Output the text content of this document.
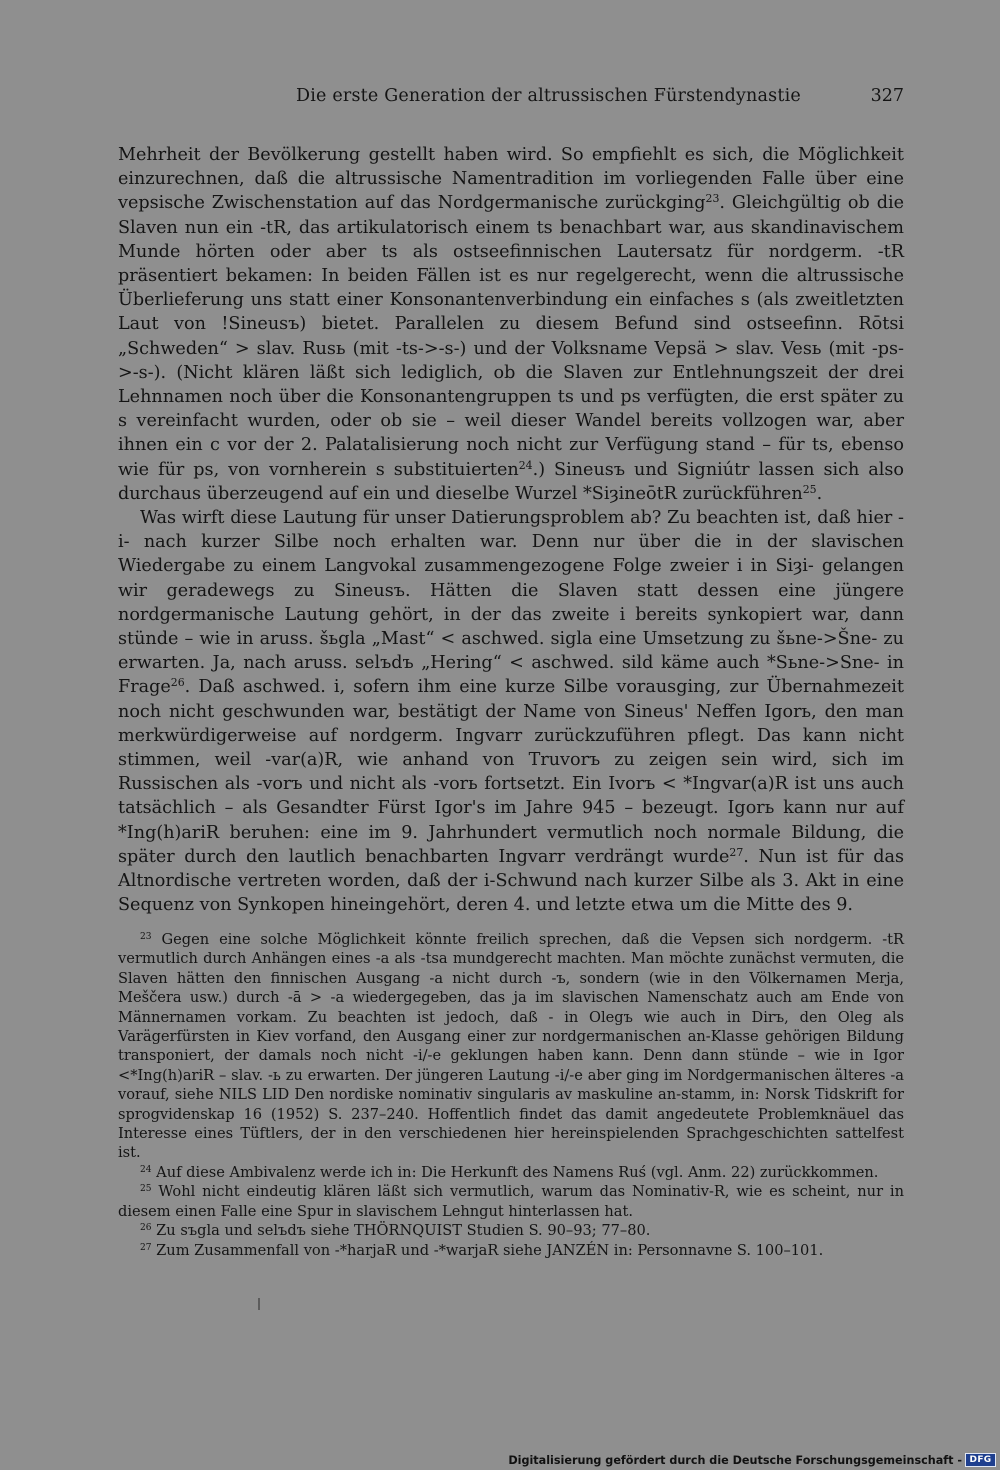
Die erste Generation der altrussischen Fürstendynastie	327

Mehrheit der Bevölkerung gestellt haben wird. So empfiehlt es sich, die Möglichkeit einzurechnen, daß die altrussische Namentradition im vorliegenden Falle über eine vepsische Zwischenstation auf das Nordgermanische zurückging$^{23}$. Gleichgültig ob die Slaven nun ein -tR, das artikulatorisch einem ts benachbart war, aus skandinavischem Munde hörten oder aber ts als ostseefinnischen Lautersatz für nordgerm. -tR präsentiert bekamen: In beiden Fällen ist es nur regelgerecht, wenn die altrussische Überlieferung uns statt einer Konsonantenverbindung ein einfaches s (als zweitletzten Laut von !Sineusъ) bietet. Parallelen zu diesem Befund sind ostseefinn. Rōtsi „Schweden“ > slav. Rusь (mit -ts->-s-) und der Volksname Vepsä > slav. Vesь (mit -ps->-s-). (Nicht klären läßt sich lediglich, ob die Slaven zur Entlehnungszeit der drei Lehnnamen noch über die Konsonantengruppen ts und ps verfügten, die erst später zu s vereinfacht wurden, oder ob sie – weil dieser Wandel bereits vollzogen war, aber ihnen ein c vor der 2. Palatalisierung noch nicht zur Verfügung stand – für ts, ebenso wie für ps, von vornherein s substituierten$^{24}$.) Sineusъ und Signiútr lassen sich also durchaus überzeugend auf ein und dieselbe Wurzel *SiȝineōtR zurückführen$^{25}$.

Was wirft diese Lautung für unser Datierungsproblem ab? Zu beachten ist, daß hier -i- nach kurzer Silbe noch erhalten war. Denn nur über die in der slavischen Wiedergabe zu einem Langvokal zusammengezogene Folge zweier i in Siȝi- gelangen wir geradewegs zu Sineusъ. Hätten die Slaven statt dessen eine jüngere nordgermanische Lautung gehört, in der das zweite i bereits synkopiert war, dann stünde – wie in aruss. šьgla „Mast“ < aschwed. sigla eine Umsetzung zu šьne->Šne- zu erwarten. Ja, nach aruss. selъdъ „Hering“ < aschwed. sild käme auch *Sьne->Sne- in Frage$^{26}$. Daß aschwed. i, sofern ihm eine kurze Silbe vorausging, zur Übernahmezeit noch nicht geschwunden war, bestätigt der Name von Sineus' Neffen Igorь, den man merkwürdigerweise auf nordgerm. Ingvarr zurückzuführen pflegt. Das kann nicht stimmen, weil -var(a)R, wie anhand von Truvorъ zu zeigen sein wird, sich im Russischen als -vorъ und nicht als -vorь fortsetzt. Ein Ivorъ < *Ingvar(a)R ist uns auch tatsächlich – als Gesandter Fürst Igor's im Jahre 945 – bezeugt. Igorь kann nur auf *Ing(h)ariR beruhen: eine im 9. Jahrhundert vermutlich noch normale Bildung, die später durch den lautlich benachbarten Ingvarr verdrängt wurde$^{27}$. Nun ist für das Altnordische vertreten worden, daß der i-Schwund nach kurzer Silbe als 3. Akt in eine Sequenz von Synkopen hineingehört, deren 4. und letzte etwa um die Mitte des 9.

$^{23}$ Gegen eine solche Möglichkeit könnte freilich sprechen, daß die Vepsen sich nordgerm. -tR vermutlich durch Anhängen eines -a als -tsa mundgerecht machten. Man möchte zunächst vermuten, die Slaven hätten den finnischen Ausgang -a nicht durch -ъ, sondern (wie in den Völkernamen Merja, Meščera usw.) durch -ā > -a wiedergegeben, das ja im slavischen Namenschatz auch am Ende von Männernamen vorkam. Zu beachten ist jedoch, daß - in Olegъ wie auch in Dirъ, den Oleg als Varägerfürsten in Kiev vorfand, den Ausgang einer zur nordgermanischen an-Klasse gehörigen Bildung transponiert, der damals noch nicht -i/-e geklungen haben kann. Denn dann stünde – wie in Igor <*Ing(h)ariR – slav. -ь zu erwarten. Der jüngeren Lautung -i/-e aber ging im Nordgermanischen älteres -a vorauf, siehe NILS LID Den nordiske nominativ singularis av maskuline an-stamm, in: Norsk Tidskrift for sprogvidenskap 16 (1952) S. 237–240. Hoffentlich findet das damit angedeutete Problemknäuel das Interesse eines Tüftlers, der in den verschiedenen hier hereinspielenden Sprachgeschichten sattelfest ist.

$^{24}$ Auf diese Ambivalenz werde ich in: Die Herkunft des Namens Ruś (vgl. Anm. 22) zurückkommen.

$^{25}$ Wohl nicht eindeutig klären läßt sich vermutlich, warum das Nominativ-R, wie es scheint, nur in diesem einen Falle eine Spur in slavischem Lehngut hinterlassen hat.

$^{26}$ Zu sъgla und selъdъ siehe THÖRNQUIST Studien S. 90–93; 77–80.

$^{27}$ Zum Zusammenfall von -*harjaR und -*warjaR siehe JANZÉN in: Personnavne S. 100–101.

Digitalisierung gefördert durch die Deutsche Forschungsgemeinschaft - DFG
